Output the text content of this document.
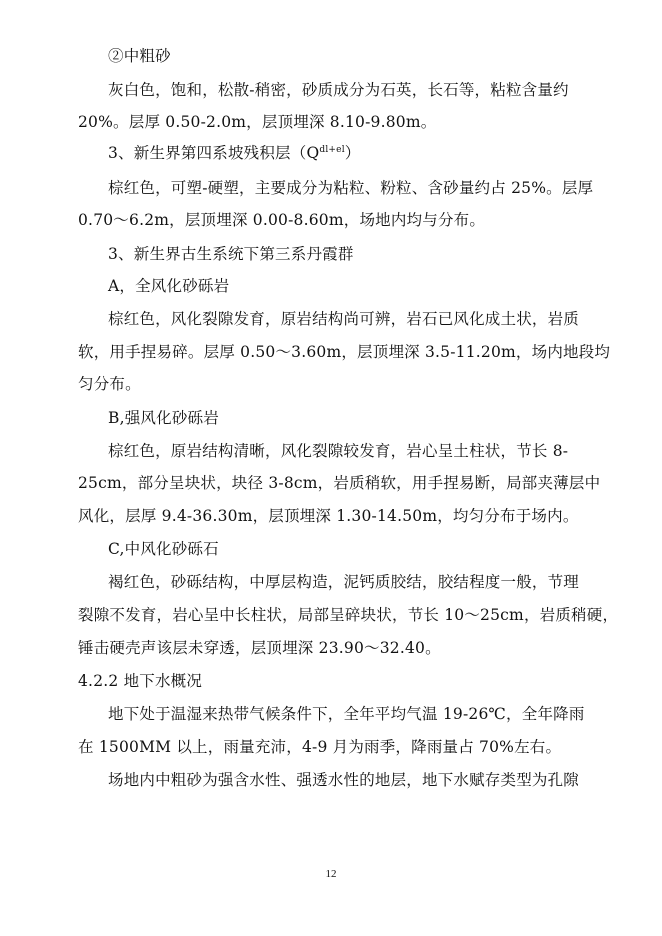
②中粗砂
灰白色，饱和，松散-稍密，砂质成分为石英，长石等，粘粒含量约
20%。层厚 0.50-2.0m，层顶埋深 8.10-9.80m。
3、新生界第四系坡残积层$(Q^{dl+el})$
棕红色，可塑-硬塑，主要成分为粘粒、粉粒、含砂量约占 25%。层厚
0.70～6.2m，层顶埋深 0.00-8.60m，场地内均与分布。
3、新生界古生系统下第三系丹霞群
A，全风化砂砾岩
棕红色，风化裂隙发育，原岩结构尚可辨，岩石已风化成土状，岩质
软，用手捏易碎。层厚 0.50～3.60m，层顶埋深 3.5-11.20m，场内地段均
匀分布。
B,强风化砂砾岩
棕红色，原岩结构清晰，风化裂隙较发育，岩心呈土柱状，节长 8-
25cm，部分呈块状，块径 3-8cm，岩质稍软，用手捏易断，局部夹薄层中
风化，层厚 9.4-36.30m，层顶埋深 1.30-14.50m，均匀分布于场内。
C,中风化砂砾石
褐红色，砂砾结构，中厚层构造，泥钙质胶结，胶结程度一般，节理
裂隙不发育，岩心呈中长柱状，局部呈碎块状，节长 10～25cm，岩质稍硬，
锤击硬壳声该层未穿透，层顶埋深 23.90～32.40。
4.2.2 地下水概况
地下处于温湿来热带气候条件下，全年平均气温 19-26℃，全年降雨
在 1500MM 以上，雨量充沛，4-9 月为雨季，降雨量占 70%左右。
场地内中粗砂为强含水性、强透水性的地层，地下水赋存类型为孔隙
12
